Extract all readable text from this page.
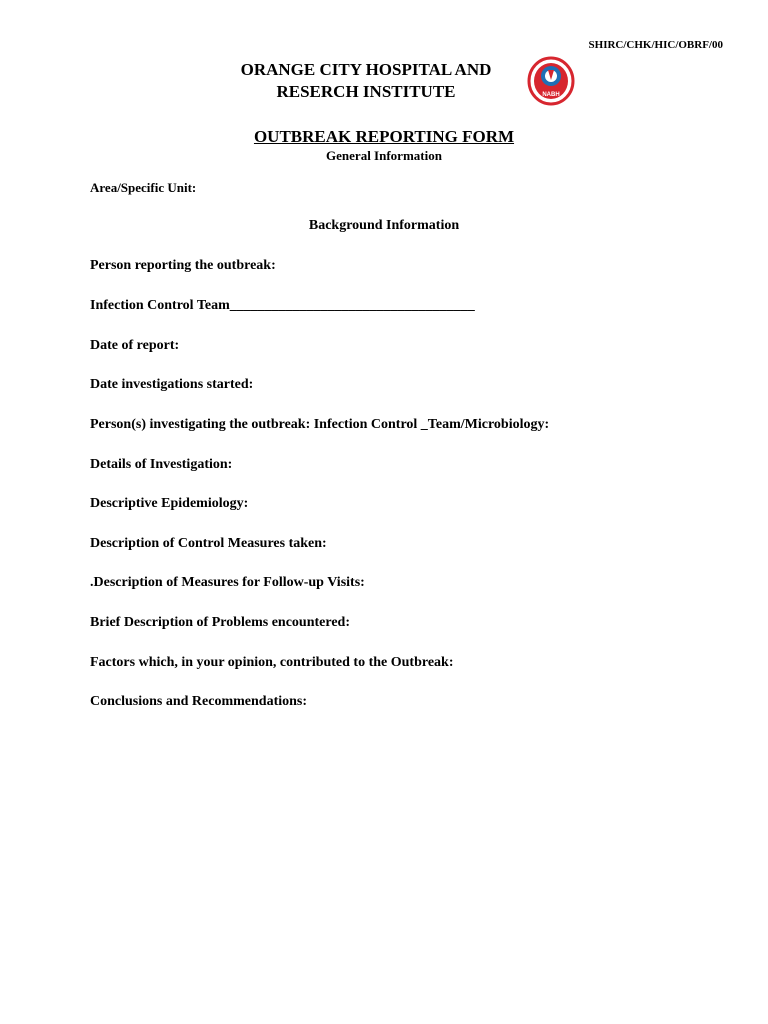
SHIRC/CHK/HIC/OBRF/00
ORANGE CITY HOSPITAL AND
RESERCH INSTITUTE	NABH
OUTBREAK REPORTING FORM
General Information
Area/Specific Unit:
Background Information
Person reporting the outbreak:
Infection Control Team___________________________________
Date of report:
Date investigations started:
Person(s) investigating the outbreak: Infection Control _Team/Microbiology:
Details of Investigation:
Descriptive Epidemiology:
Description of Control Measures taken:
.Description of Measures for Follow-up Visits:
Brief Description of Problems encountered:
Factors which, in your opinion, contributed to the Outbreak:
Conclusions and Recommendations:
